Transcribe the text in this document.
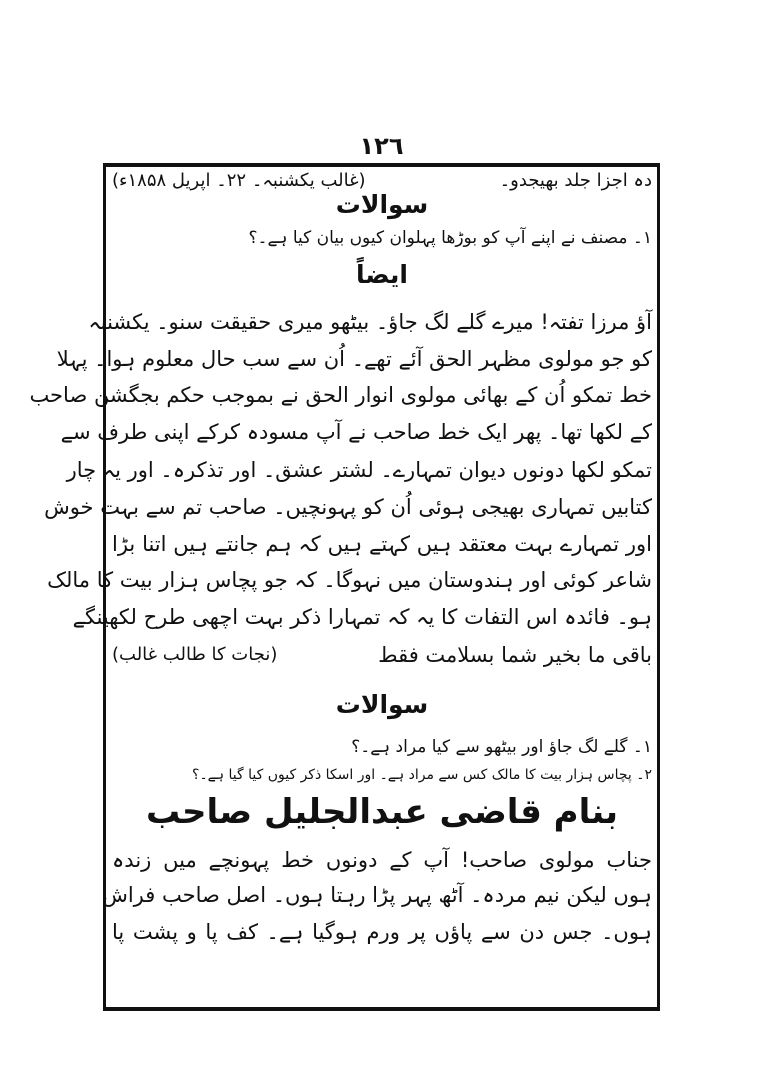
١٢٦
دہ اجزا جلد بھیجدو۔
(غالب یکشنبہ۔ ۲۲۔ اپریل ۱۸۵۸ء)
سوالات
۱۔ مصنف نے اپنے آپ کو بوڑھا پہلوان کیوں بیان کیا ہے۔؟
ایضاً
آؤ مرزا تفتہ! میرے گلے لگ جاؤ۔ بیٹھو میری حقیقت سنو۔ یکشنبہ
کو جو مولوی مظہر الحق آئے تھے۔ اُن سے سب حال معلوم ہوا۔ پہلا
خط تمکو اُن کے بھائی مولوی انوار الحق نے بموجب حکم بجگشن صاحب
کے لکھا تھا۔ پھر ایک خط صاحب نے آپ مسودہ کرکے اپنی طرف سے
تمکو لکھا دونوں دیوان تمہارے۔ لشتر عشق۔ اور تذکرہ۔ اور یہ چار
کتابیں تمہاری بھیجی ہوئی اُن کو پہونچیں۔ صاحب تم سے بہت خوش
اور تمہارے بہت معتقد ہیں کہتے ہیں کہ ہم جانتے ہیں اتنا بڑا
شاعر کوئی اور ہندوستان میں نہوگا۔ کہ جو پچاس ہزار بیت کا مالک
ہو۔ فائدہ اس التفات کا یہ کہ تمہارا ذکر بہت اچھی طرح لکھینگے
باقی ما بخیر شما بسلامت فقط
(نجات کا طالب غالب)
سوالات
۱۔ گلے لگ جاؤ اور بیٹھو سے کیا مراد ہے۔؟
۲۔ پچاس ہزار بیت کا مالک کس سے مراد ہے۔ اور اسکا ذکر کیوں کیا گیا ہے۔؟
بنام قاضی عبدالجلیل صاحب
جناب مولوی صاحب! آپ کے دونوں خط پہونچے میں زندہ
ہوں لیکن نیم مردہ۔ آٹھ پہر پڑا رہتا ہوں۔ اصل صاحب فراش
ہوں۔ جس دن سے پاؤں پر ورم ہوگیا ہے۔ کف پا و پشت پا
